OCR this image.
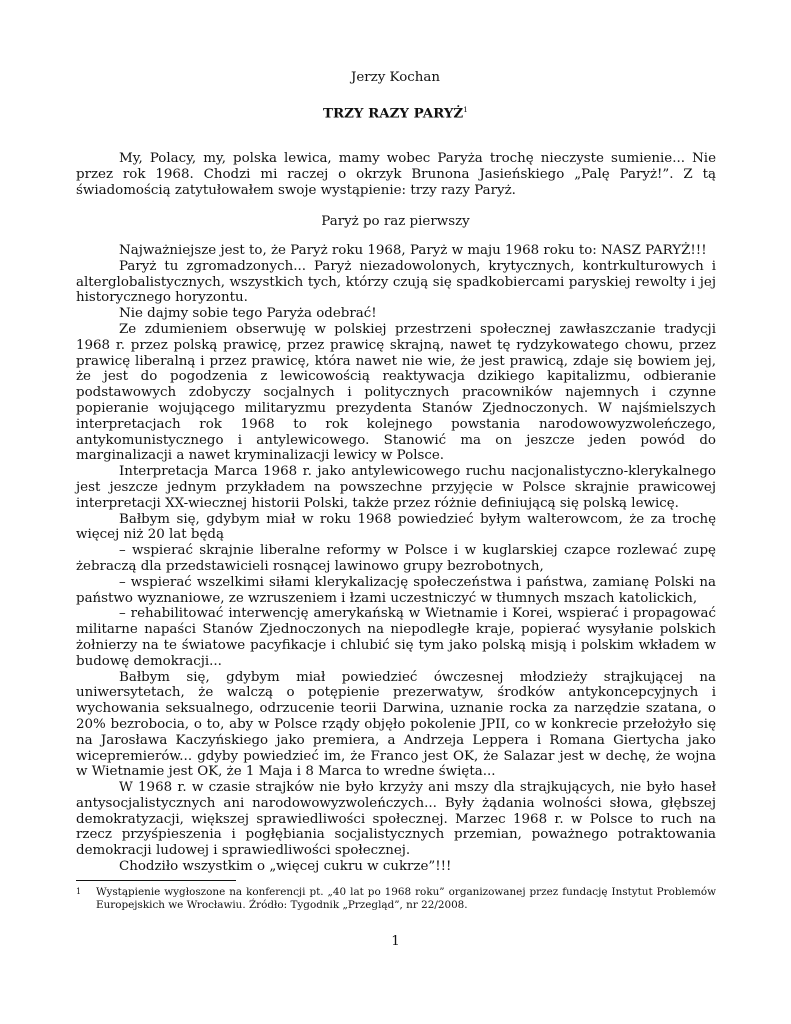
Jerzy Kochan
TRZY RAZY PARYŻ$^1$

My, Polacy, my, polska lewica, mamy wobec Paryża trochę nieczyste sumienie... Nie przez rok 1968. Chodzi mi raczej o okrzyk Brunona Jasieńskiego „Palę Paryż!”. Z tą świadomością zatytułowałem swoje wystąpienie: trzy razy Paryż.

Paryż po raz pierwszy

Najważniejsze jest to, że Paryż roku 1968, Paryż w maju 1968 roku to: NASZ PARYŻ!!!

Paryż tu zgromadzonych... Paryż niezadowolonych, krytycznych, kontrkulturowych i alterglobalistycznych, wszystkich tych, którzy czują się spadkobiercami paryskiej rewolty i jej historycznego horyzontu.

Nie dajmy sobie tego Paryża odebrać!

Ze zdumieniem obserwuję w polskiej przestrzeni społecznej zawłaszczanie tradycji 1968 r. przez polską prawicę, przez prawicę skrajną, nawet tę rydzykowatego chowu, przez prawicę liberalną i przez prawicę, która nawet nie wie, że jest prawicą, zdaje się bowiem jej, że jest do pogodzenia z lewicowością reaktywacja dzikiego kapitalizmu, odbieranie podstawowych zdobyczy socjalnych i politycznych pracowników najemnych i czynne popieranie wojującego militaryzmu prezydenta Stanów Zjednoczonych. W najśmielszych interpretacjach rok 1968 to rok kolejnego powstania narodowowyzwoleńczego, antykomunistycznego i antylewicowego. Stanowić ma on jeszcze jeden powód do marginalizacji a nawet kryminalizacji lewicy w Polsce.

Interpretacja Marca 1968 r. jako antylewicowego ruchu nacjonalistyczno-klerykalnego jest jeszcze jednym przykładem na powszechne przyjęcie w Polsce skrajnie prawicowej interpretacji XX-wiecznej historii Polski, także przez różnie definiującą się polską lewicę.

Bałbym się, gdybym miał w roku 1968 powiedzieć byłym walterowcom, że za trochę więcej niż 20 lat będą

– wspierać skrajnie liberalne reformy w Polsce i w kuglarskiej czapce rozlewać zupę żebraczą dla przedstawicieli rosnącej lawinowo grupy bezrobotnych,

– wspierać wszelkimi siłami klerykalizację społeczeństwa i państwa, zamianę Polski na państwo wyznaniowe, ze wzruszeniem i łzami uczestniczyć w tłumnych mszach katolickich,

– rehabilitować interwencję amerykańską w Wietnamie i Korei, wspierać i propagować militarne napaści Stanów Zjednoczonych na niepodległe kraje, popierać wysyłanie polskich żołnierzy na te światowe pacyfikacje i chlubić się tym jako polską misją i polskim wkładem w budowę demokracji...

Bałbym się, gdybym miał powiedzieć ówczesnej młodzieży strajkującej na uniwersytetach, że walczą o potępienie prezerwatyw, środków antykoncepcyjnych i wychowania seksualnego, odrzucenie teorii Darwina, uznanie rocka za narzędzie szatana, o 20% bezrobocia, o to, aby w Polsce rządy objęło pokolenie JPII, co w konkrecie przełożyło się na Jarosława Kaczyńskiego jako premiera, a Andrzeja Leppera i Romana Giertycha jako wicepremierów... gdyby powiedzieć im, że Franco jest OK, że Salazar jest w dechę, że wojna w Wietnamie jest OK, że 1 Maja i 8 Marca to wredne święta...

W 1968 r. w czasie strajków nie było krzyży ani mszy dla strajkujących, nie było haseł antysocjalistycznych ani narodowowyzwoleńczych... Były żądania wolności słowa, głębszej demokratyzacji, większej sprawiedliwości społecznej. Marzec 1968 r. w Polsce to ruch na rzecz przyśpieszenia i pogłębiania socjalistycznych przemian, poważnego potraktowania demokracji ludowej i sprawiedliwości społecznej.

Chodziło wszystkim o „więcej cukru w cukrze”!!!

1 Wystąpienie wygłoszone na konferencji pt. „40 lat po 1968 roku” organizowanej przez fundację Instytut Problemów Europejskich we Wrocławiu. Źródło: Tygodnik „Przegląd”, nr 22/2008.
1
